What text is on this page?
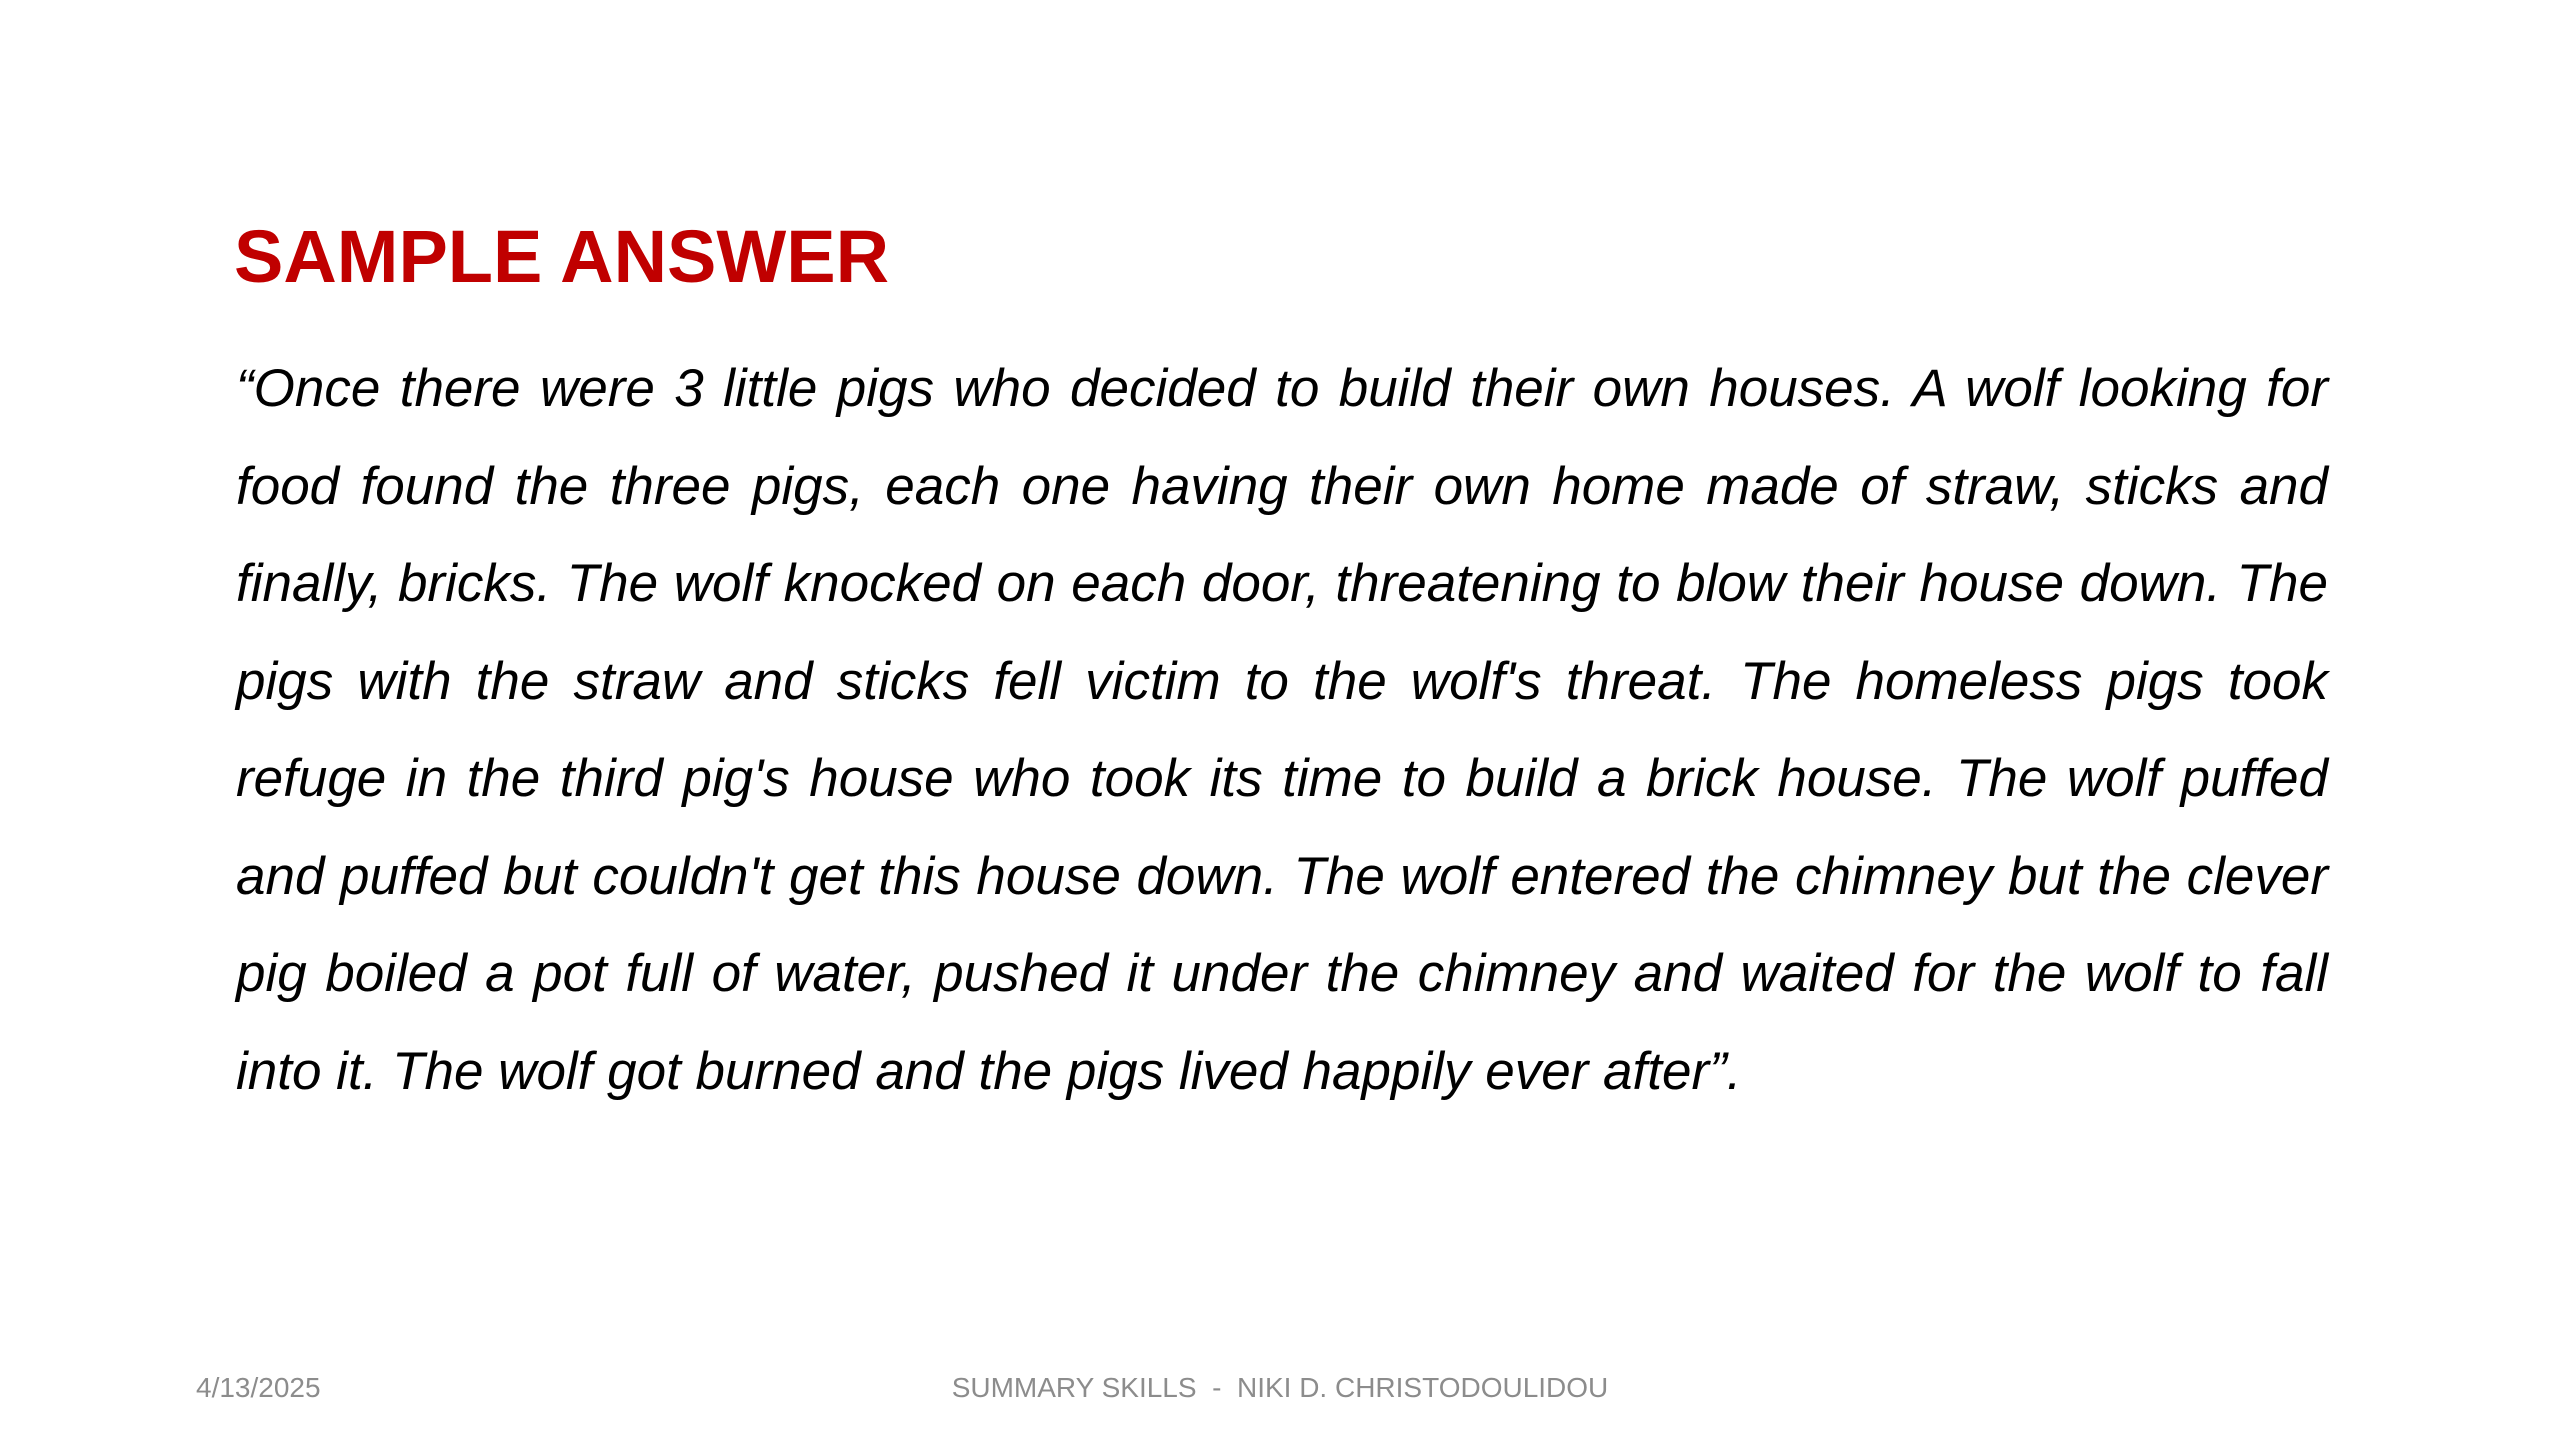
SAMPLE ANSWER

“Once there were 3 little pigs who decided to build their own houses. A wolf looking for food found the three pigs, each one having their own home made of straw, sticks and finally, bricks. The wolf knocked on each door, threatening to blow their house down. The pigs with the straw and sticks fell victim to the wolf's threat. The homeless pigs took refuge in the third pig's house who took its time to build a brick house. The wolf puffed and puffed but couldn't get this house down. The wolf entered the chimney but the clever pig boiled a pot full of water, pushed it under the chimney and waited for the wolf to fall into it. The wolf got burned and the pigs lived happily ever after”.

4/13/2025	SUMMARY SKILLS  -  NIKI D. CHRISTODOULIDOU
